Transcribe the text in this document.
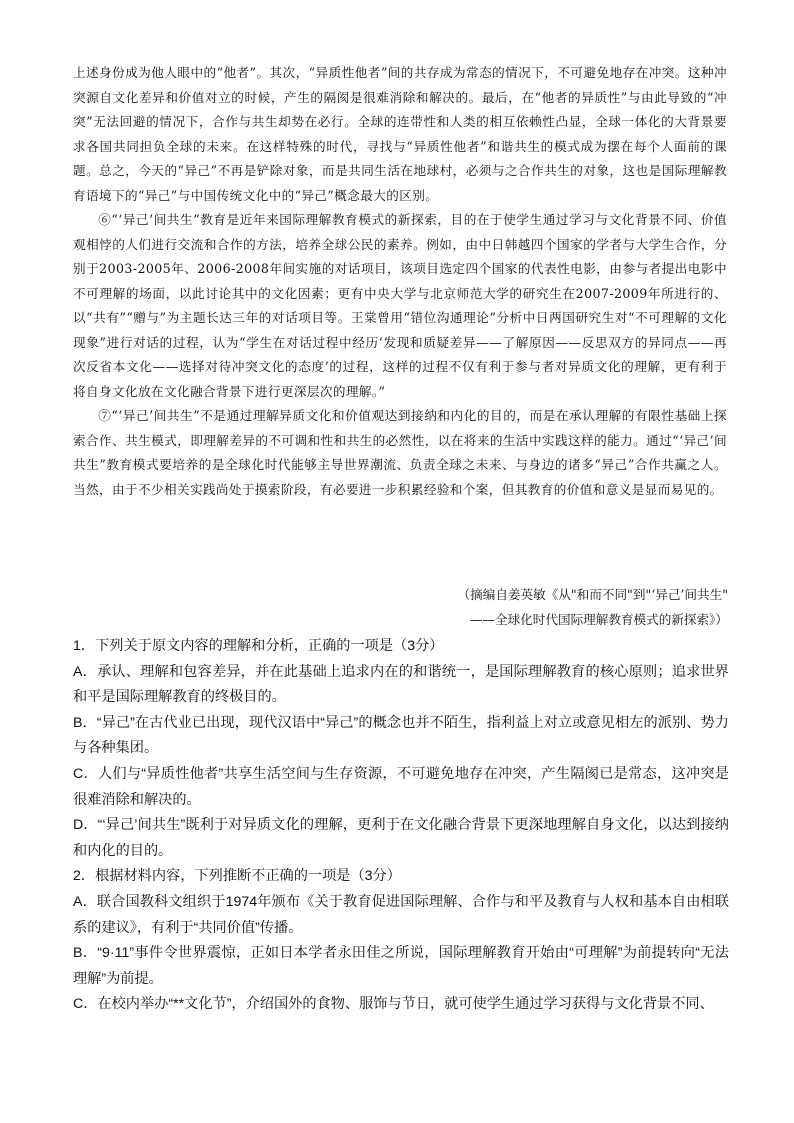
上述身份成为他人眼中的“他者”。其次，“异质性他者”间的共存成为常态的情况下，不可避免地存在冲突。这种冲突源自文化差异和价值对立的时候，产生的隔阂是很难消除和解决的。最后，在“他者的异质性”与由此导致的“冲突”无法回避的情况下，合作与共生却势在必行。全球的连带性和人类的相互依赖性凸显，全球一体化的大背景要求各国共同担负全球的未来。在这样特殊的时代，寻找与“异质性他者”和谐共生的模式成为摆在每个人面前的课题。总之，今天的“异己”不再是铲除对象，而是共同生活在地球村，必须与之合作共生的对象，这也是国际理解教育语境下的“异己”与中国传统文化中的“异己”概念最大的区别。

⑥“‘异己’间共生”教育是近年来国际理解教育模式的新探索，目的在于使学生通过学习与文化背景不同、价值观相悖的人们进行交流和合作的方法，培养全球公民的素养。例如，由中日韩越四个国家的学者与大学生合作，分别于2003-2005年、2006-2008年间实施的对话项目，该项目选定四个国家的代表性电影，由参与者提出电影中不可理解的场面，以此讨论其中的文化因素；更有中央大学与北京师范大学的研究生在2007-2009年所进行的、以“共有”“赠与”为主题长达三年的对话项目等。王棠曾用“错位沟通理论”分析中日两国研究生对“不可理解的文化现象”进行对话的过程，认为“学生在对话过程中经历‘发现和质疑差异——了解原因——反思双方的异同点——再次反省本文化——选择对待冲突文化的态度’的过程，这样的过程不仅有利于参与者对异质文化的理解，更有利于将自身文化放在文化融合背景下进行更深层次的理解。”

⑦“‘异己’间共生”不是通过理解异质文化和价值观达到接纳和内化的目的，而是在承认理解的有限性基础上探索合作、共生模式，即理解差异的不可调和性和共生的必然性，以在将来的生活中实践这样的能力。通过“‘异己’间共生”教育模式要培养的是全球化时代能够主导世界潮流、负责全球之未来、与身边的诸多“异己”合作共赢之人。当然，由于不少相关实践尚处于摸索阶段，有必要进一步积累经验和个案，但其教育的价值和意义是显而易见的。

（摘编自姜英敏《从"和而不同"到"‘异己’间共生"
——全球化时代国际理解教育模式的新探索》）

1．下列关于原文内容的理解和分析，正确的一项是（3分）

A．承认、理解和包容差异，并在此基础上追求内在的和谐统一，是国际理解教育的核心原则；追求世界和平是国际理解教育的终极目的。

B．“异己”在古代业已出现，现代汉语中“异己”的概念也并不陌生，指利益上对立或意见相左的派别、势力与各种集团。

C．人们与“异质性他者”共享生活空间与生存资源，不可避免地存在冲突，产生隔阂已是常态，这冲突是很难消除和解决的。

D．“‘异己’间共生”既利于对异质文化的理解，更利于在文化融合背景下更深地理解自身文化，以达到接纳和内化的目的。

2．根据材料内容，下列推断不正确的一项是（3分）

A．联合国教科文组织于1974年颁布《关于教育促进国际理解、合作与和平及教育与人权和基本自由相联系的建议》，有利于“共同价值”传播。

B．“9·11”事件令世界震惊，正如日本学者永田佳之所说，国际理解教育开始由“可理解”为前提转向“无法理解”为前提。

C．在校内举办“**文化节”，介绍国外的食物、服饰与节日，就可使学生通过学习获得与文化背景不同、
